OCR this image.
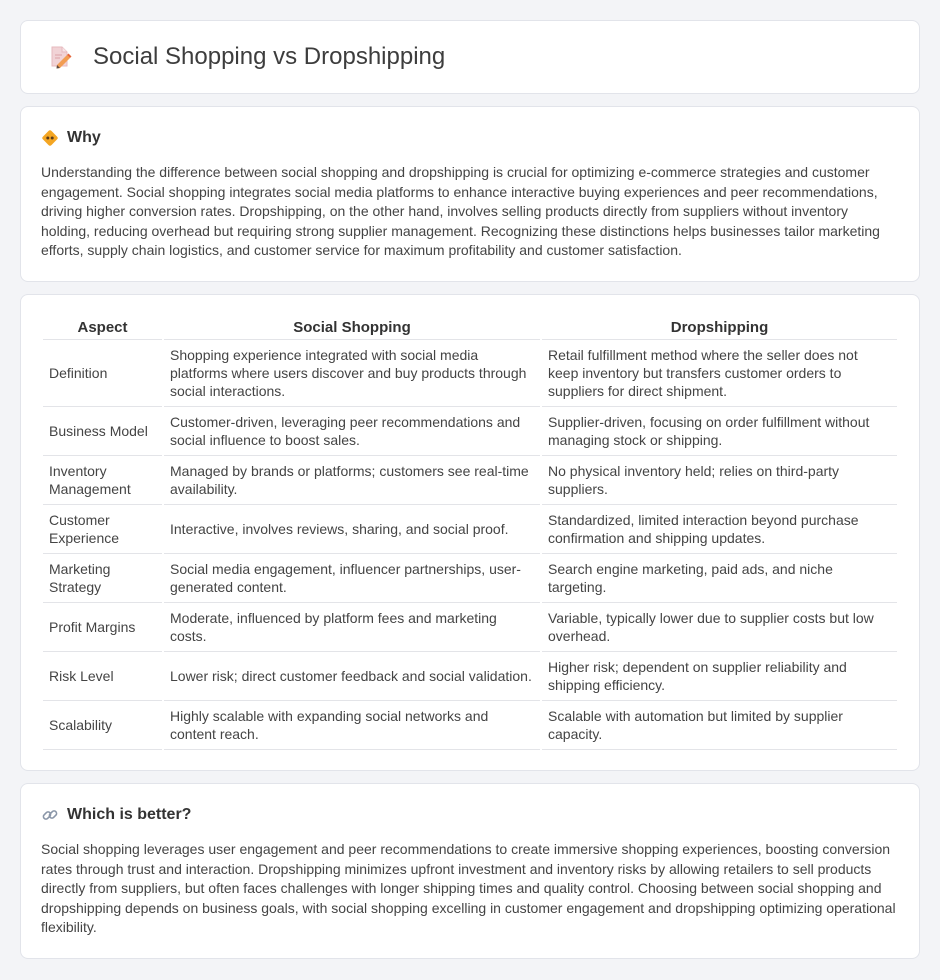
Social Shopping vs Dropshipping
Why

Understanding the difference between social shopping and dropshipping is crucial for optimizing e-commerce strategies and customer engagement. Social shopping integrates social media platforms to enhance interactive buying experiences and peer recommendations, driving higher conversion rates. Dropshipping, on the other hand, involves selling products directly from suppliers without inventory holding, reducing overhead but requiring strong supplier management. Recognizing these distinctions helps businesses tailor marketing efforts, supply chain logistics, and customer service for maximum profitability and customer satisfaction.

Aspect	Social Shopping	Dropshipping
Definition	Shopping experience integrated with social media platforms where users discover and buy products through social interactions.	Retail fulfillment method where the seller does not keep inventory but transfers customer orders to suppliers for direct shipment.
Business Model	Customer-driven, leveraging peer recommendations and social influence to boost sales.	Supplier-driven, focusing on order fulfillment without managing stock or shipping.
Inventory Management	Managed by brands or platforms; customers see real-time availability.	No physical inventory held; relies on third-party suppliers.
Customer Experience	Interactive, involves reviews, sharing, and social proof.	Standardized, limited interaction beyond purchase confirmation and shipping updates.
Marketing Strategy	Social media engagement, influencer partnerships, user-generated content.	Search engine marketing, paid ads, and niche targeting.
Profit Margins	Moderate, influenced by platform fees and marketing costs.	Variable, typically lower due to supplier costs but low overhead.
Risk Level	Lower risk; direct customer feedback and social validation.	Higher risk; dependent on supplier reliability and shipping efficiency.
Scalability	Highly scalable with expanding social networks and content reach.	Scalable with automation but limited by supplier capacity.
Which is better?

Social shopping leverages user engagement and peer recommendations to create immersive shopping experiences, boosting conversion rates through trust and interaction. Dropshipping minimizes upfront investment and inventory risks by allowing retailers to sell products directly from suppliers, but often faces challenges with longer shipping times and quality control. Choosing between social shopping and dropshipping depends on business goals, with social shopping excelling in customer engagement and dropshipping optimizing operational flexibility.
